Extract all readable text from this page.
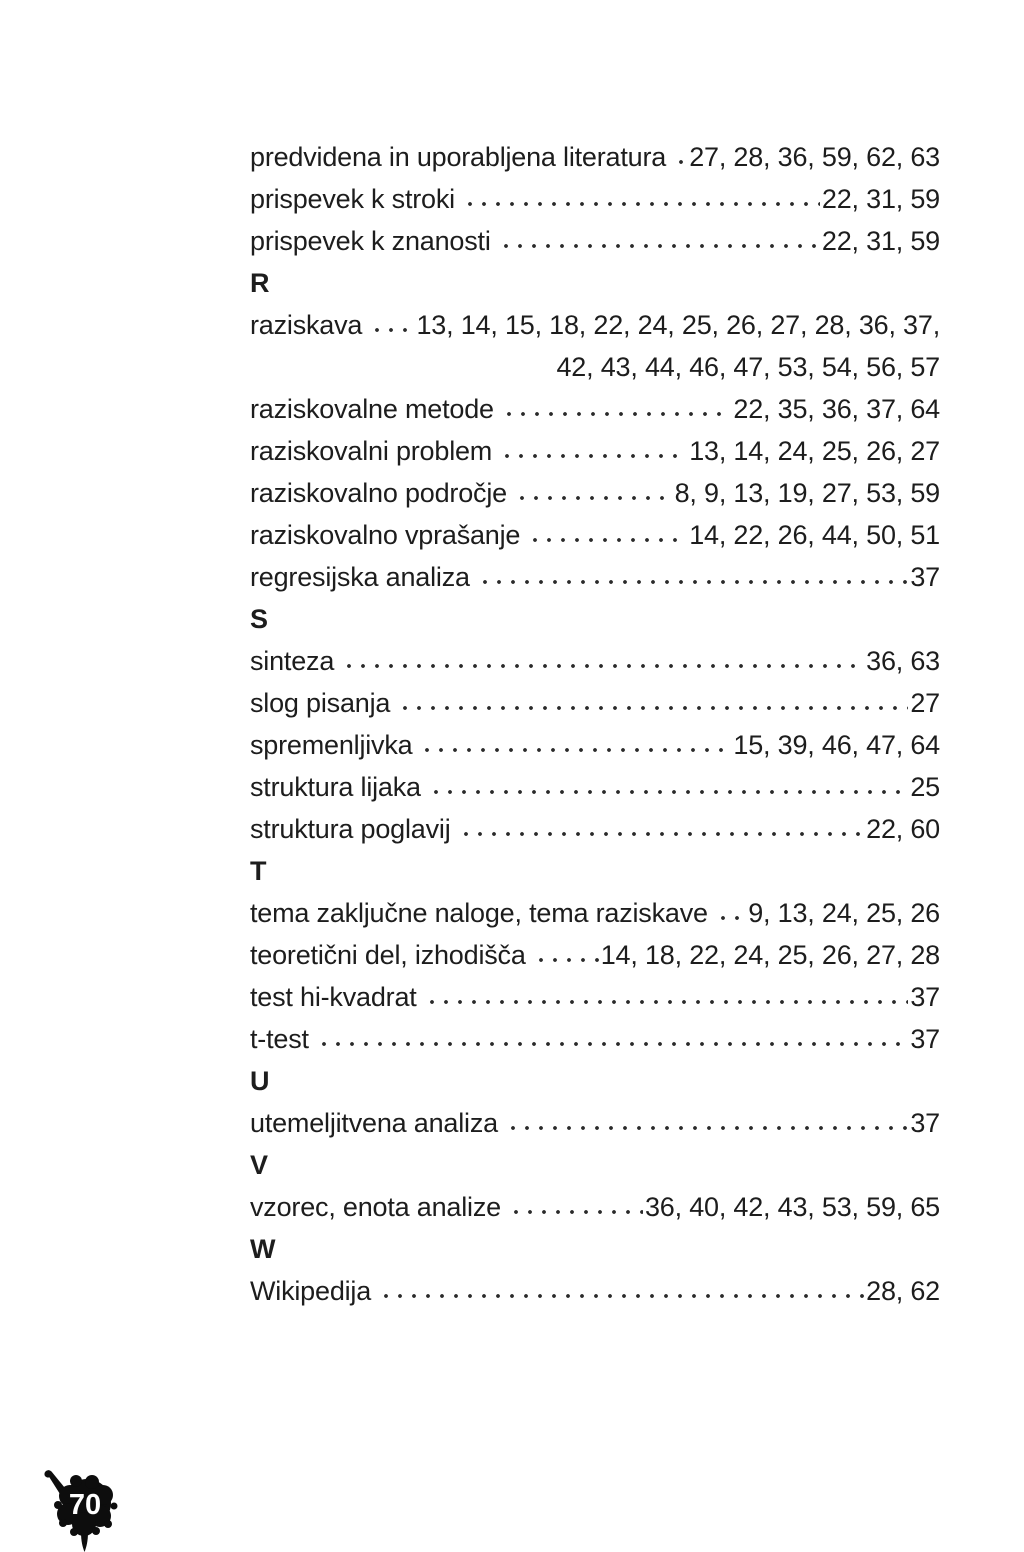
predvidena in uporabljena literatura 27, 28, 36, 59, 62, 63
prispevek k stroki	22, 31, 59
prispevek k znanosti	22, 31, 59
R
raziskava 13, 14, 15, 18, 22, 24, 25, 26, 27, 28, 36, 37,
42, 43, 44, 46, 47, 53, 54, 56, 57
raziskovalne metode	22, 35, 36, 37, 64
raziskovalni problem	13, 14, 24, 25, 26, 27
raziskovalno področje	8, 9, 13, 19, 27, 53, 59
raziskovalno vprašanje	14, 22, 26, 44, 50, 51
regresijska analiza	37
S
sinteza	36, 63
slog pisanja	27
spremenljivka	15, 39, 46, 47, 64
struktura lijaka	25
struktura poglavij	22, 60
T
tema zaključne naloge, tema raziskave 9, 13, 24, 25, 26
teoretični del, izhodišča	14, 18, 22, 24, 25, 26, 27, 28
test hi-kvadrat	37
t-test	37
U
utemeljitvena analiza	37
V
vzorec, enota analize	36, 40, 42, 43, 53, 59, 65
W
Wikipedija	28, 62
70
